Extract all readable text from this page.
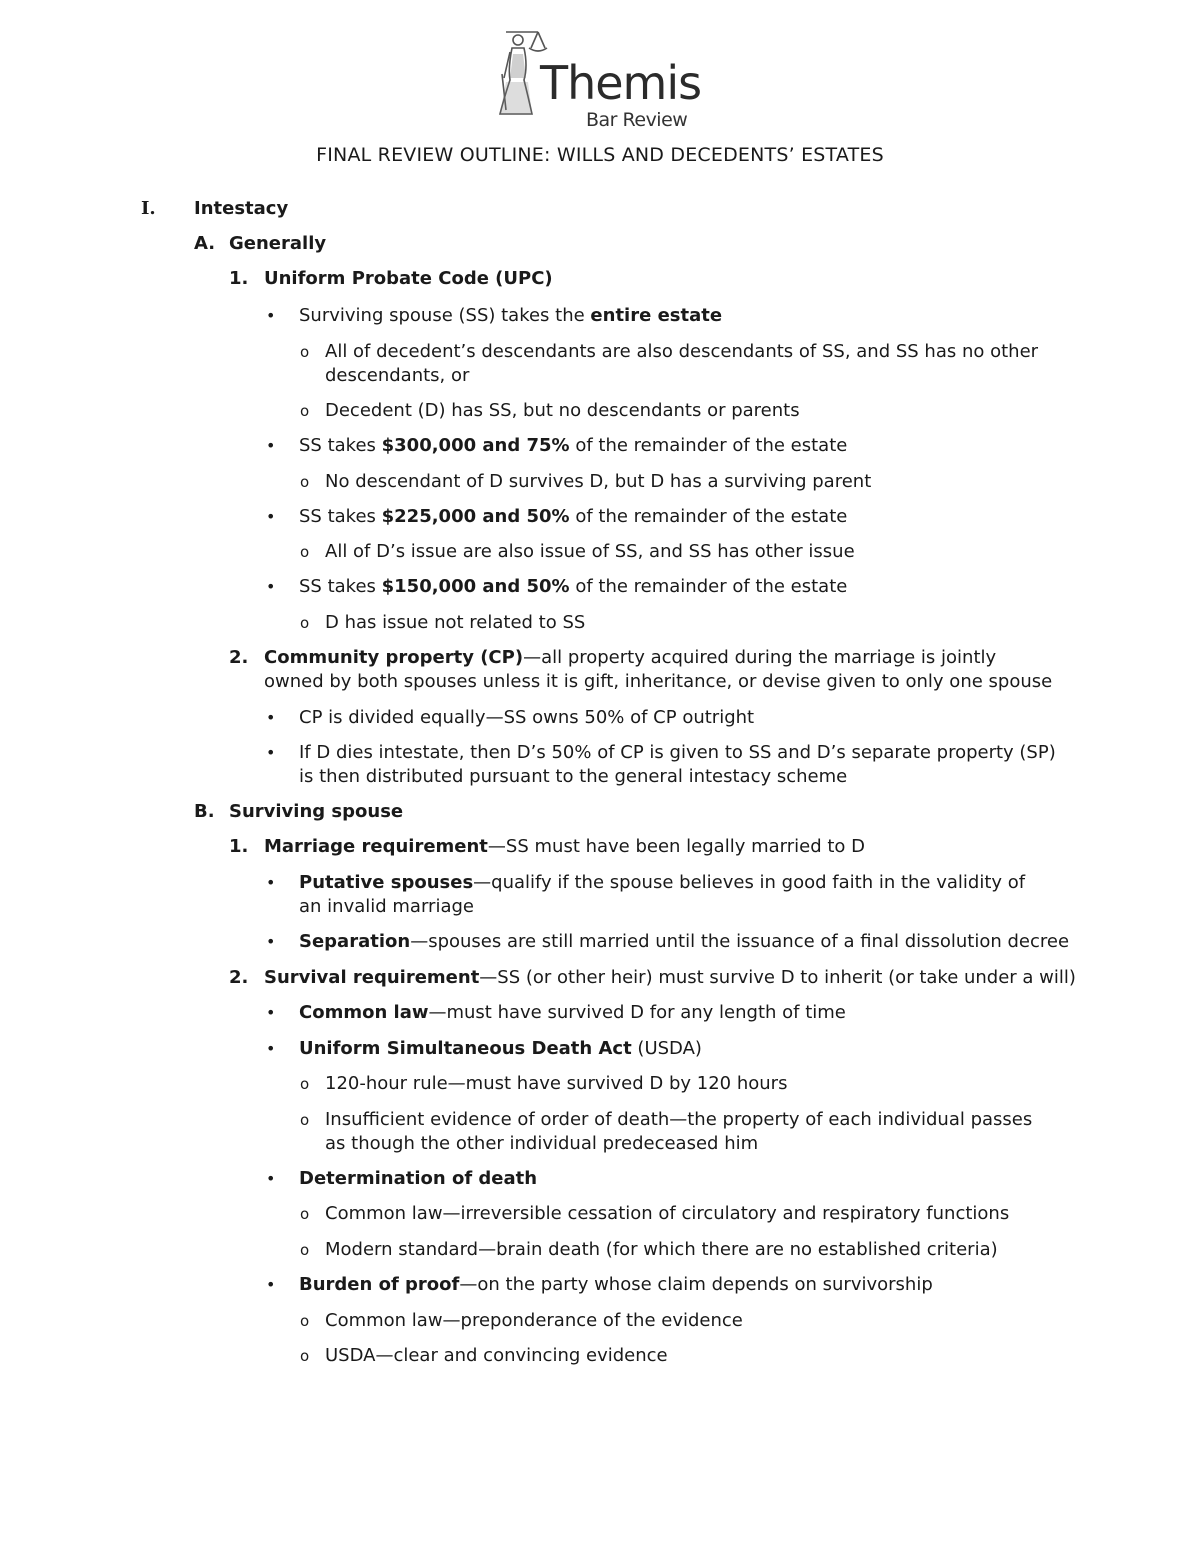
Themis
Bar Review
FINAL REVIEW OUTLINE: WILLS AND DECEDENTS’ ESTATES
I. Intestacy
A. Generally
1. Uniform Probate Code (UPC)
• Surviving spouse (SS) takes the entire estate
o All of decedent’s descendants are also descendants of SS, and SS has no other descendants, or
o Decedent (D) has SS, but no descendants or parents
• SS takes $300,000 and 75% of the remainder of the estate
o No descendant of D survives D, but D has a surviving parent
• SS takes $225,000 and 50% of the remainder of the estate
o All of D’s issue are also issue of SS, and SS has other issue
• SS takes $150,000 and 50% of the remainder of the estate
o D has issue not related to SS
2. Community property (CP)—all property acquired during the marriage is jointly owned by both spouses unless it is gift, inheritance, or devise given to only one spouse
• CP is divided equally—SS owns 50% of CP outright
• If D dies intestate, then D’s 50% of CP is given to SS and D’s separate property (SP) is then distributed pursuant to the general intestacy scheme
B. Surviving spouse
1. Marriage requirement—SS must have been legally married to D
• Putative spouses—qualify if the spouse believes in good faith in the validity of an invalid marriage
• Separation—spouses are still married until the issuance of a final dissolution decree
2. Survival requirement—SS (or other heir) must survive D to inherit (or take under a will)
• Common law—must have survived D for any length of time
• Uniform Simultaneous Death Act (USDA)
o 120-hour rule—must have survived D by 120 hours
o Insufficient evidence of order of death—the property of each individual passes as though the other individual predeceased him
• Determination of death
o Common law—irreversible cessation of circulatory and respiratory functions
o Modern standard—brain death (for which there are no established criteria)
• Burden of proof—on the party whose claim depends on survivorship
o Common law—preponderance of the evidence
o USDA—clear and convincing evidence
